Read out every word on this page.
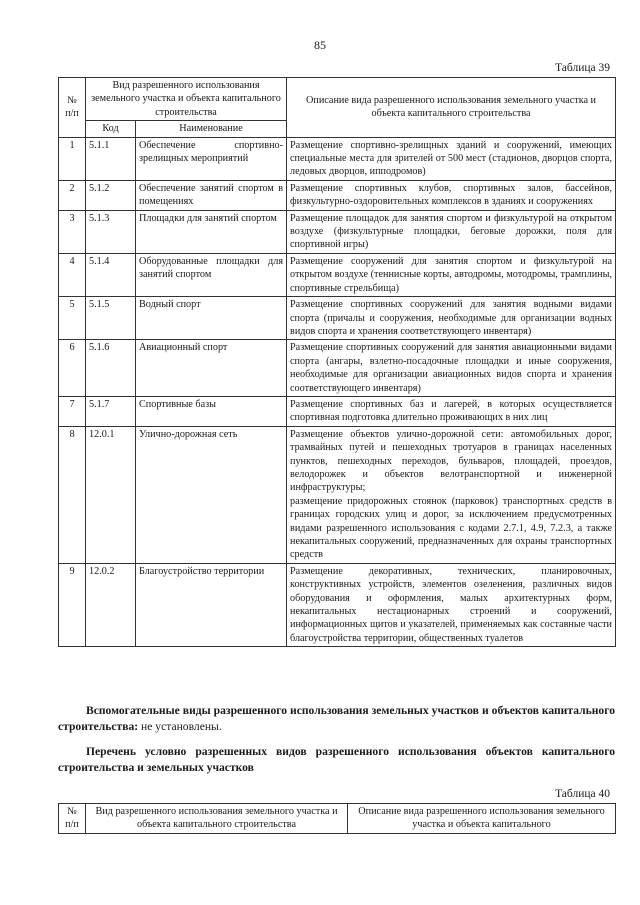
85
Таблица 39
№ п/п	Вид разрешенного использования земельного участка и объекта капитального строительства		Описание вида разрешенного использования земельного участка и объекта капитального строительства
	Код	Наименование	
1	5.1.1	Обеспечение спортивно-зрелищных мероприятий	Размещение спортивно-зрелищных зданий и сооружений, имеющих специальные места для зрителей от 500 мест (стадионов, дворцов спорта, ледовых дворцов, ипподромов)
2	5.1.2	Обеспечение занятий спортом в помещениях	Размещение спортивных клубов, спортивных залов, бассейнов, физкультурно-оздоровительных комплексов в зданиях и сооружениях
3	5.1.3	Площадки для занятий спортом	Размещение площадок для занятия спортом и физкультурой на открытом воздухе (физкультурные площадки, беговые дорожки, поля для спортивной игры)
4	5.1.4	Оборудованные площадки для занятий спортом	Размещение сооружений для занятия спортом и физкультурой на открытом воздухе (теннисные корты, автодромы, мотодромы, трамплины, спортивные стрельбища)
5	5.1.5	Водный спорт	Размещение спортивных сооружений для занятия водными видами спорта (причалы и сооружения, необходимые для организации водных видов спорта и хранения соответствующего инвентаря)
6	5.1.6	Авиационный спорт	Размещение спортивных сооружений для занятия авиационными видами спорта (ангары, взлетно-посадочные площадки и иные сооружения, необходимые для организации авиационных видов спорта и хранения соответствующего инвентаря)
7	5.1.7	Спортивные базы	Размещение спортивных баз и лагерей, в которых осуществляется спортивная подготовка длительно проживающих в них лиц
8	12.0.1	Улично-дорожная сеть	Размещение объектов улично-дорожной сети: автомобильных дорог, трамвайных путей и пешеходных тротуаров в границах населенных пунктов, пешеходных переходов, бульваров, площадей, проездов, велодорожек и объектов велотранспортной и инженерной инфраструктуры;
размещение придорожных стоянок (парковок) транспортных средств в границах городских улиц и дорог, за исключением предусмотренных видами разрешенного использования с кодами 2.7.1, 4.9, 7.2.3, а также некапитальных сооружений, предназначенных для охраны транспортных средств

9	12.0.2	Благоустройство территории	Размещение декоративных, технических, планировочных, конструктивных устройств, элементов озеленения, различных видов оборудования и оформления, малых архитектурных форм, некапитальных нестационарных строений и сооружений, информационных щитов и указателей, применяемых как составные части благоустройства территории, общественных туалетов
Вспомогательные виды разрешенного использования земельных участков и объектов капитального строительства: не установлены.
Перечень условно разрешенных видов разрешенного использования объектов капитального строительства и земельных участков
Таблица 40
№ п/п	Вид разрешенного использования земельного участка и объекта капитального строительства	Описание вида разрешенного использования земельного участка и объекта капитального
